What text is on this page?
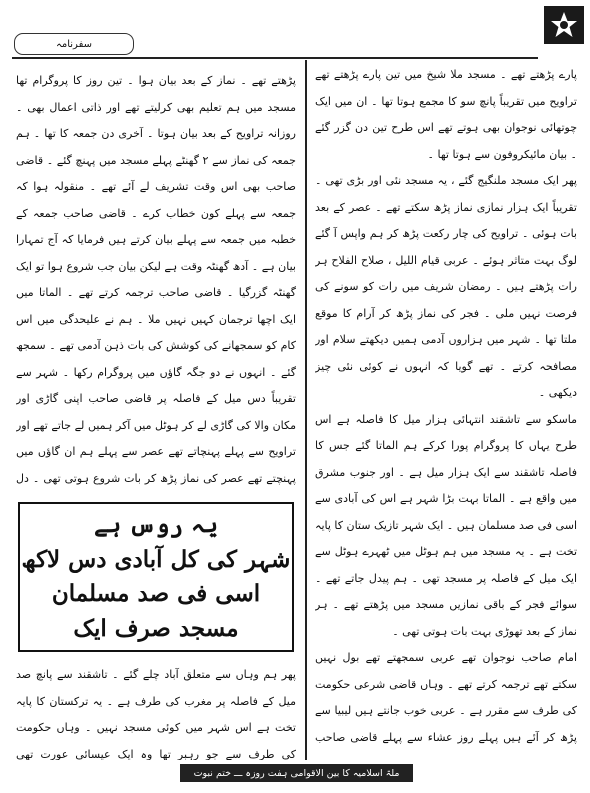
سفرنامہ

پارے پڑھتے تھے ۔ مسجد ملا شیخ میں تین پارے پڑھتے تھے تراویح میں تقریباً پانچ سو کا مجمع ہوتا تھا ۔ ان میں ایک چوتھائی نوجوان بھی ہوتے تھے اس طرح تین دن گزر گئے ۔ بیان مائیکروفون سے ہوتا تھا ۔

پھر ایک مسجد ملنگیج گئے ، یہ مسجد نئی اور بڑی تھی ۔ تقریباً ایک ہزار نمازی نماز پڑھ سکتے تھے ۔ عصر کے بعد بات ہوئی ۔ تراویح کی چار رکعت پڑھ کر ہم واپس آ گئے لوگ بہت متاثر ہوئے ۔ عربی قیام اللیل ، صلاح الفلاح ہر رات پڑھتے ہیں ۔ رمضان شریف میں رات کو سونے کی فرصت نہیں ملی ۔ فجر کی نماز پڑھ کر آرام کا موقع ملتا تھا ۔ شہر میں ہزاروں آدمی ہمیں دیکھتے سلام اور مصافحہ کرتے ۔ تھے گویا کہ انہوں نے کوئی نئی چیز دیکھی ۔

ماسکو سے تاشقند انتہائی ہزار میل کا فاصلہ ہے اس طرح یہاں کا پروگرام پورا کرکے ہم الماتا گئے جس کا فاصلہ تاشقند سے ایک ہزار میل ہے ۔ اور جنوب مشرق میں واقع ہے ۔ الماتا بہت بڑا شہر ہے اس کی آبادی سے اسی فی صد مسلمان ہیں ۔ ایک شہر تازیک ستان کا پایہ تخت ہے ۔ یہ مسجد میں ہم ہوٹل میں ٹھہرے ہوٹل سے ایک میل کے فاصلہ پر مسجد تھی ۔ ہم پیدل جاتے تھے ۔ سوائے فجر کے باقی نمازیں مسجد میں پڑھتے تھے ۔ ہر نماز کے بعد تھوڑی بہت بات ہوتی تھی ۔

امام صاحب نوجوان تھے عربی سمجھتے تھے بول نہیں سکتے تھے ترجمہ کرتے تھے ۔ وہاں قاضی شرعی حکومت کی طرف سے مقرر ہے ۔ عربی خوب جانتے ہیں لیبیا سے پڑھ کر آئے ہیں پہلے روز عشاء سے پہلے قاضی صاحب

پڑھتے تھے ۔ نماز کے بعد بیان ہوا ۔ تین روز کا پروگرام تھا مسجد میں ہم تعلیم بھی کرلیتے تھے اور ذاتی اعمال بھی ۔ روزانہ تراویح کے بعد بیان ہوتا ۔ آخری دن جمعہ کا تھا ۔ ہم جمعہ کی نماز سے ۲ گھنٹے پہلے مسجد میں پہنچ گئے ۔ قاضی صاحب بھی اس وقت تشریف لے آئے تھے ۔ منقولہ ہوا کہ جمعہ سے پہلے کون خطاب کرے ۔ قاضی صاحب جمعہ کے خطبہ میں جمعہ سے پہلے بیان کرتے ہیں فرمایا کہ آج تمہارا بیان ہے ۔ آدھ گھنٹہ وقت ہے لیکن بیان جب شروع ہوا تو ایک گھنٹہ گزرگیا ۔ قاضی صاحب ترجمہ کرتے تھے ۔ الماتا میں ایک اچھا ترجمان کہیں نہیں ملا ۔ ہم نے علیحدگی میں اس کام کو سمجھانے کی کوشش کی بات ذہن آدمی تھے ۔ سمجھ گئے ۔ انہوں نے دو جگہ گاؤں میں پروگرام رکھا ۔ شہر سے تقریباً دس میل کے فاصلہ پر قاضی صاحب اپنی گاڑی اور مکان والا کی گاڑی لے کر ہوٹل میں آکر ہمیں لے جاتے تھے اور تراویح سے پہلے پہنچاتے تھے عصر سے پہلے ہم ان گاؤں میں پہنچتے تھے عصر کی نماز پڑھ کر بات شروع ہوتی تھی ۔ دل

یہ روس ہے
شہر کی کل آبادی دس لاکھ
اسی فی صد مسلمان
مسجد صرف ایک

پھر ہم وہاں سے متعلق آباد چلے گئے ۔ تاشقند سے پانچ صد میل کے فاصلہ پر مغرب کی طرف ہے ۔ یہ ترکستان کا پایہ تخت ہے اس شہر میں کوئی مسجد نہیں ۔ وہاں حکومت کی طرف سے جو رہبر تھا وہ ایک عیسائی عورت تھی

ملۃ اسلامیہ کا بین الاقوامی ہفت روزہ ـــ ختم نبوت
